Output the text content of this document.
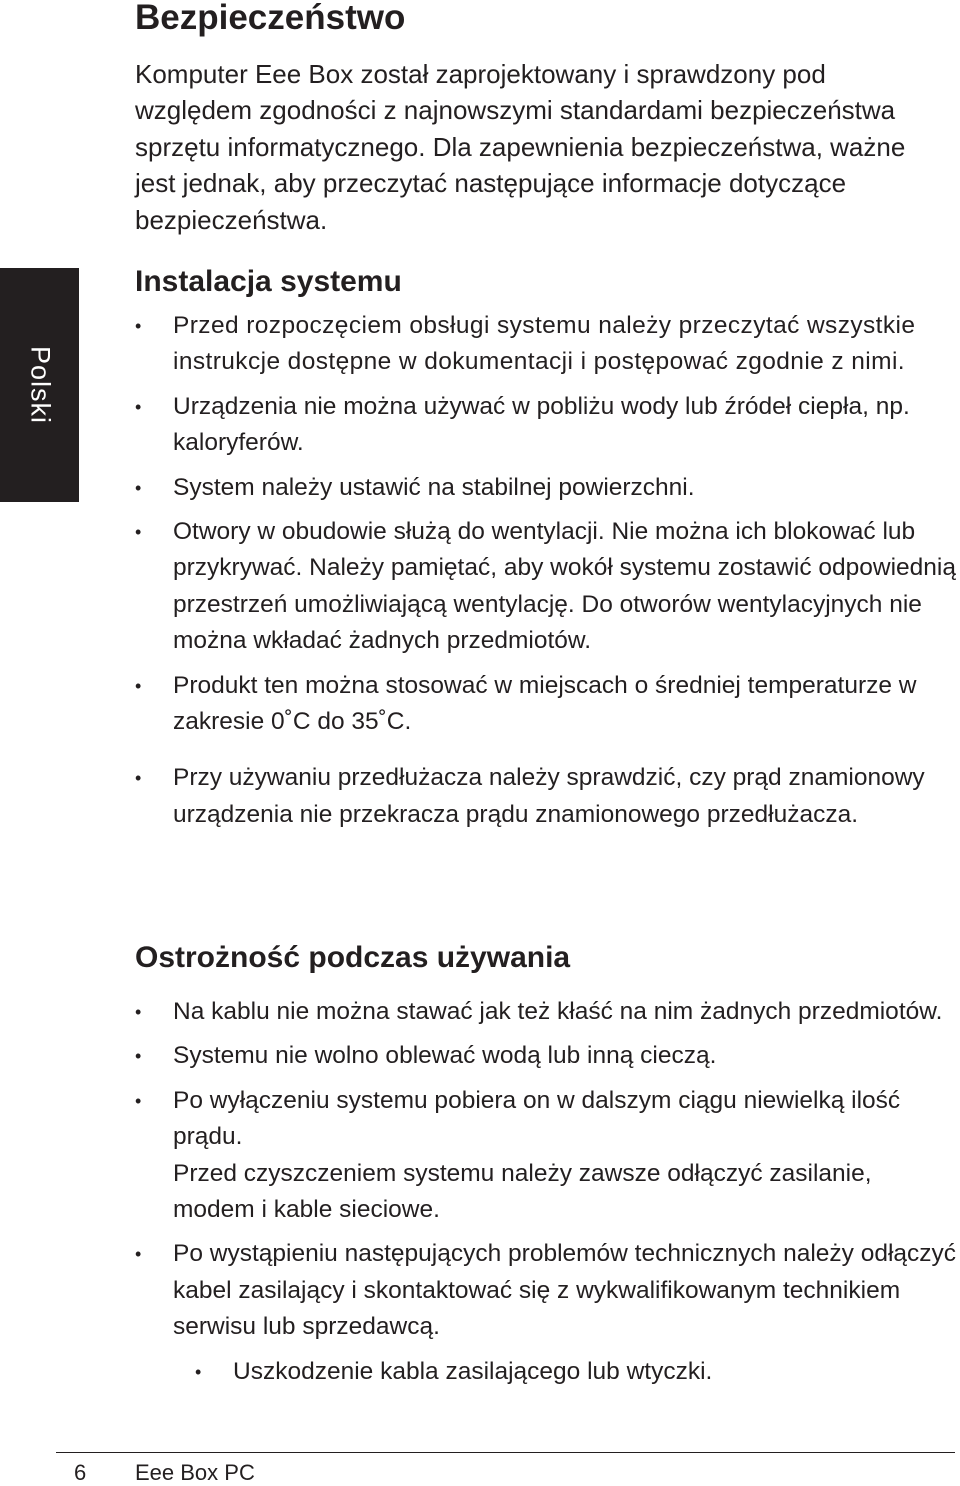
Polski
Bezpieczeństwo

Komputer Eee Box został zaprojektowany i sprawdzony pod względem zgodności z najnowszymi standardami bezpieczeństwa sprzętu informatycznego. Dla zapewnienia bezpieczeństwa, ważne jest jednak, aby przeczytać następujące informacje dotyczące bezpieczeństwa.

Instalacja systemu
• Przed rozpoczęciem obsługi systemu należy przeczytać wszystkie instrukcje dostępne w dokumentacji i postępować zgodnie z nimi.
• Urządzenia nie można używać w pobliżu wody lub źródeł ciepła, np. kaloryferów.
• System należy ustawić na stabilnej powierzchni.
• Otwory w obudowie służą do wentylacji. Nie można ich blokować lub przykrywać. Należy pamiętać, aby wokół systemu zostawić odpowiednią przestrzeń umożliwiającą wentylację. Do otworów wentylacyjnych nie można wkładać żadnych przedmiotów.
• Produkt ten można stosować w miejscach o średniej temperaturze w zakresie 0˚C do 35˚C.
• Przy używaniu przedłużacza należy sprawdzić, czy prąd znamionowy urządzenia nie przekracza prądu znamionowego przedłużacza.
Ostrożność podczas używania
• Na kablu nie można stawać jak też kłaść na nim żadnych przedmiotów.
• Systemu nie wolno oblewać wodą lub inną cieczą.
• Po wyłączeniu systemu pobiera on w dalszym ciągu niewielką ilość prądu.
Przed czyszczeniem systemu należy zawsze odłączyć zasilanie, modem i kable sieciowe.
• Po wystąpieniu następujących problemów technicznych należy odłączyć kabel zasilający i skontaktować się z wykwalifikowanym technikiem serwisu lub sprzedawcą.
• Uszkodzenie kabla zasilającego lub wtyczki.
6 Eee Box PC
